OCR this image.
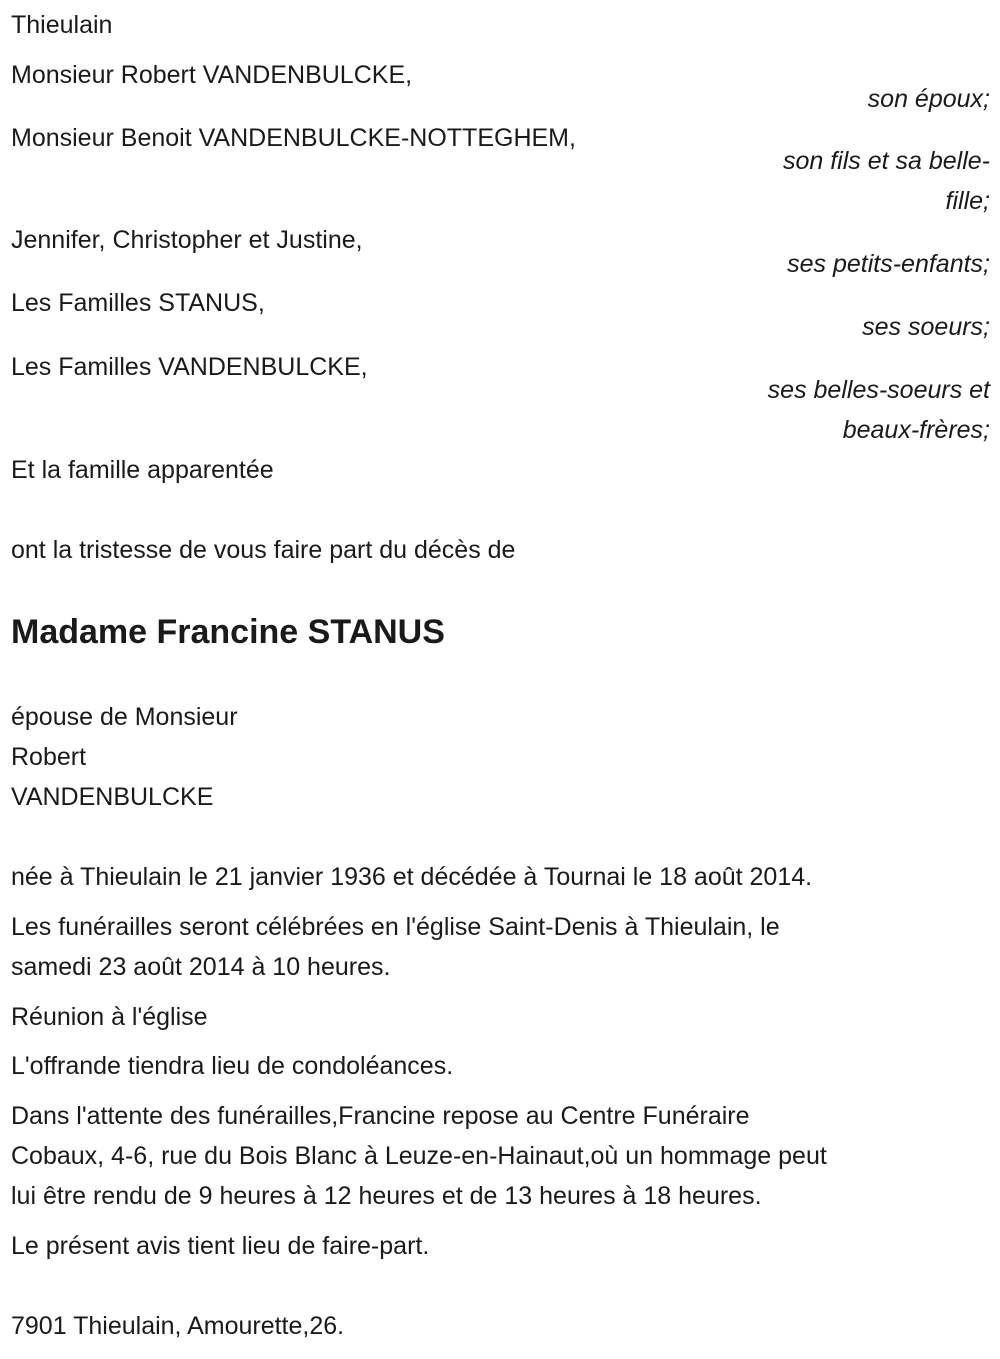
Thieulain
Monsieur Robert VANDENBULCKE,
son époux;
Monsieur Benoit VANDENBULCKE-NOTTEGHEM,
son fils et sa belle-
fille;
Jennifer, Christopher et Justine,
ses petits-enfants;
Les Familles STANUS,
ses soeurs;
Les Familles VANDENBULCKE,
ses belles-soeurs et
beaux-frères;
Et la famille apparentée
ont la tristesse de vous faire part du décès de
Madame Francine STANUS
épouse de Monsieur
Robert
VANDENBULCKE
née à Thieulain le 21 janvier 1936 et décédée à Tournai le 18 août 2014.
Les funérailles seront célébrées en l'église Saint-Denis à Thieulain, le
samedi 23 août 2014 à 10 heures.
Réunion à l'église
L'offrande tiendra lieu de condoléances.
Dans l'attente des funérailles,Francine repose au Centre Funéraire
Cobaux, 4-6, rue du Bois Blanc à Leuze-en-Hainaut,où un hommage peut
lui être rendu de 9 heures à 12 heures et de 13 heures à 18 heures.
Le présent avis tient lieu de faire-part.
7901 Thieulain, Amourette,26.
